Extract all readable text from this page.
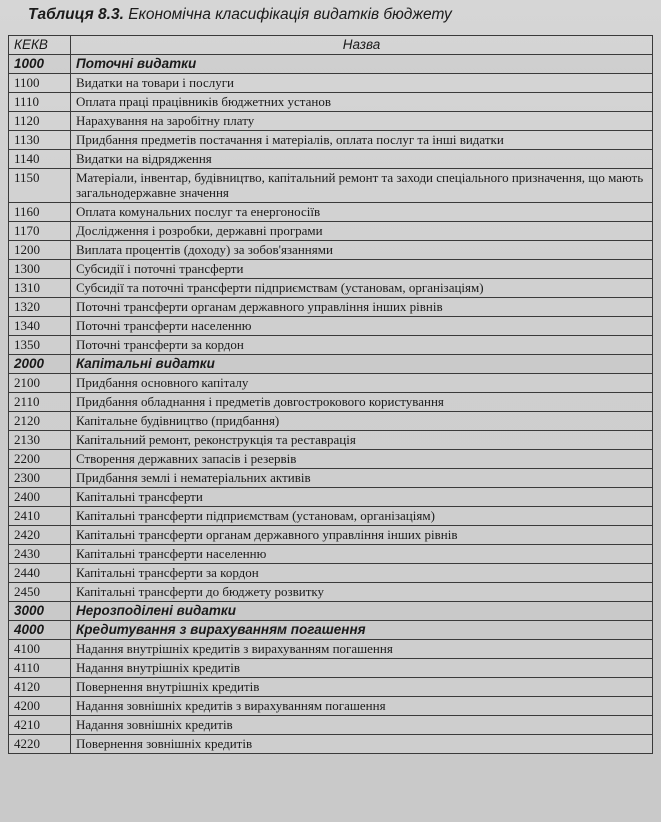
Таблиця 8.3. Економічна класифікація видатків бюджету
КЕКВ	Назва
1000	Поточні видатки
1100	Видатки на товари і послуги
1110	Оплата праці працівників бюджетних установ
1120	Нарахування на заробітну плату
1130	Придбання предметів постачання і матеріалів, оплата послуг та інші видатки
1140	Видатки на відрядження
1150	Матеріали, інвентар, будівництво, капітальний ремонт та заходи спеціального призначення, що мають загальнодержавне значення
1160	Оплата комунальних послуг та енергоносіїв
1170	Дослідження і розробки, державні програми
1200	Виплата процентів (доходу) за зобов'язаннями
1300	Субсидії і поточні трансферти
1310	Субсидії та поточні трансферти підприємствам (установам, організаціям)
1320	Поточні трансферти органам державного управління інших рівнів
1340	Поточні трансферти населенню
1350	Поточні трансферти за кордон
2000	Капітальні видатки
2100	Придбання основного капіталу
2110	Придбання обладнання і предметів довгострокового користування
2120	Капітальне будівництво (придбання)
2130	Капітальний ремонт, реконструкція та реставрація
2200	Створення державних запасів і резервів
2300	Придбання землі і нематеріальних активів
2400	Капітальні трансферти
2410	Капітальні трансферти підприємствам (установам, організаціям)
2420	Капітальні трансферти органам державного управління інших рівнів
2430	Капітальні трансферти населенню
2440	Капітальні трансферти за кордон
2450	Капітальні трансферти до бюджету розвитку
3000	Нерозподілені видатки
4000	Кредитування з вирахуванням погашення
4100	Надання внутрішніх кредитів з вирахуванням погашення
4110	Надання внутрішніх кредитів
4120	Повернення внутрішніх кредитів
4200	Надання зовнішніх кредитів з вирахуванням погашення
4210	Надання зовнішніх кредитів
4220	Повернення зовнішніх кредитів
